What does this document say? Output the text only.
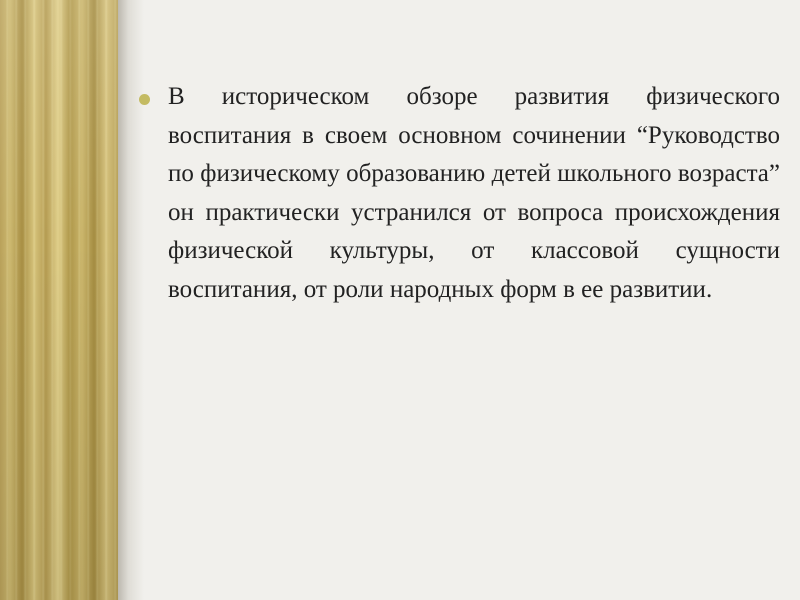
В историческом обзоре развития физического воспитания в своем основном сочинении “Руководство по физическому образованию детей школьного возраста” он практически устранился от вопроса происхождения физической культуры, от классовой сущности воспитания, от роли народных форм в ее развитии.
